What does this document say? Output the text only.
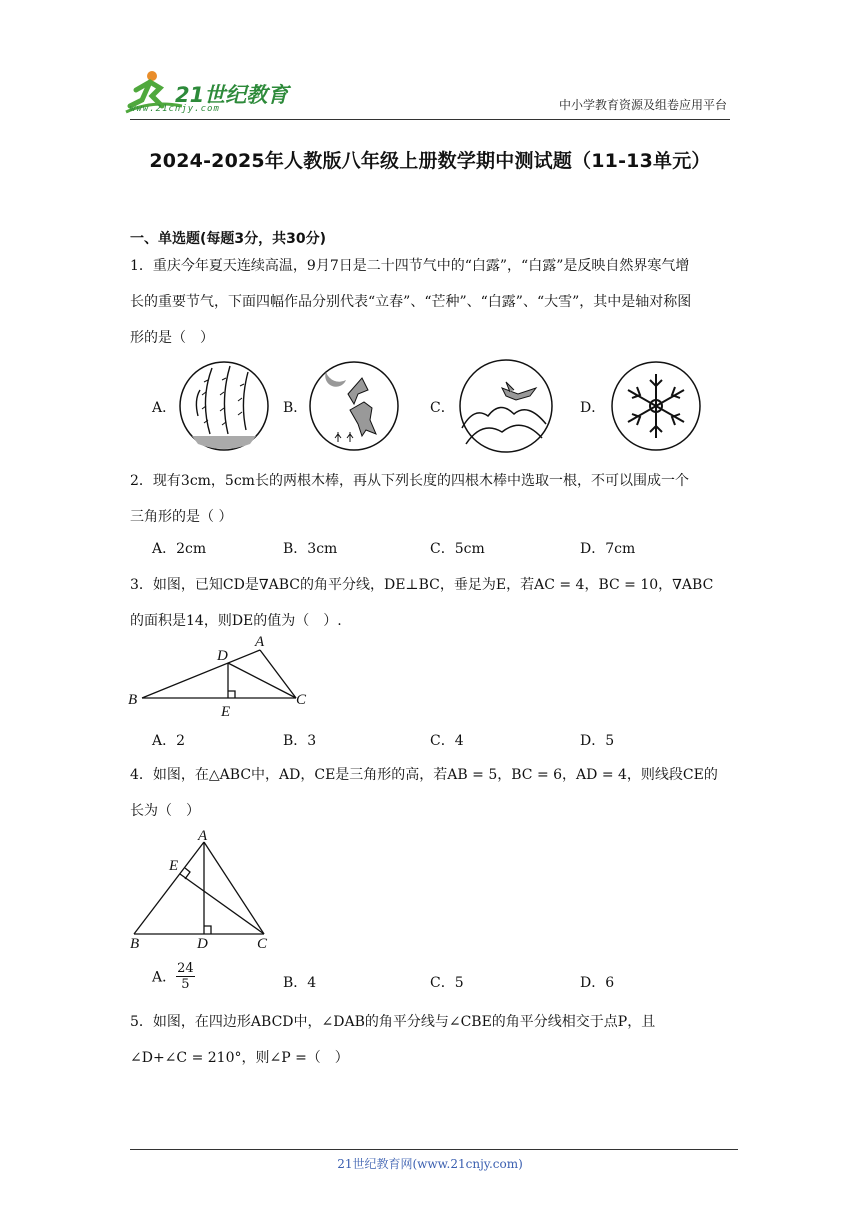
21世纪教育
www.21cnjy.com	中小学教育资源及组卷应用平台
2024-2025年人教版八年级上册数学期中测试题（11-13单元）
一、单选题(每题3分，共30分)
1．重庆今年夏天连续高温，9月7日是二十四节气中的“白露”，“白露”是反映自然界寒气增
长的重要节气，下面四幅作品分别代表“立春”、“芒种”、“白露”、“大雪”，其中是轴对称图
形的是（　）
A．	B．	C．	D．
2．现有3cm，5cm长的两根木棒，再从下列长度的四根木棒中选取一根，不可以围成一个
三角形的是（ ）
A．2cm	B．3cm	C．5cm	D．7cm
3．如图，已知CD是∇ABC的角平分线，DE⊥BC，垂足为E，若AC = 4，BC = 10，∇ABC
的面积是14，则DE的值为（　）.
A
D
B
E
C
A．2	B．3	C．4	D．5
4．如图，在△ABC中，AD，CE是三角形的高，若AB = 5，BC = 6，AD = 4，则线段CE的
长为（　）
A
E
B	D	C
A． $\frac{24}{5}$	B．4	C．5	D．6
5．如图，在四边形ABCD中，∠DAB的角平分线与∠CBE的角平分线相交于点P，且
∠D+∠C = 210°，则∠P =（　）
21世纪教育网(www.21cnjy.com)
